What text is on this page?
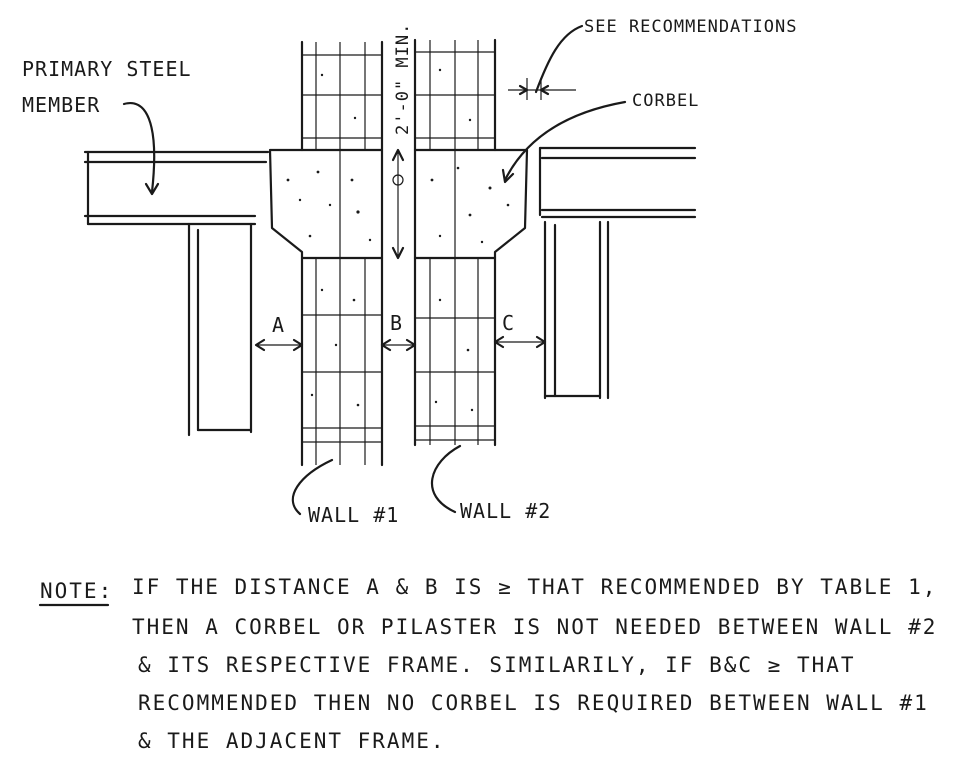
2'-0" MIN.
A	B	C
SEE RECOMMENDATIONS
CORBEL
PRIMARY STEEL
MEMBER
WALL #1	WALL #2
NOTE: IF THE DISTANCE A & B IS ≥ THAT RECOMMENDED BY TABLE 1,
THEN A CORBEL OR PILASTER IS NOT NEEDED BETWEEN WALL #2
& ITS RESPECTIVE FRAME. SIMILARILY, IF B&C ≥ THAT
RECOMMENDED THEN NO CORBEL IS REQUIRED BETWEEN WALL #1
& THE ADJACENT FRAME.
